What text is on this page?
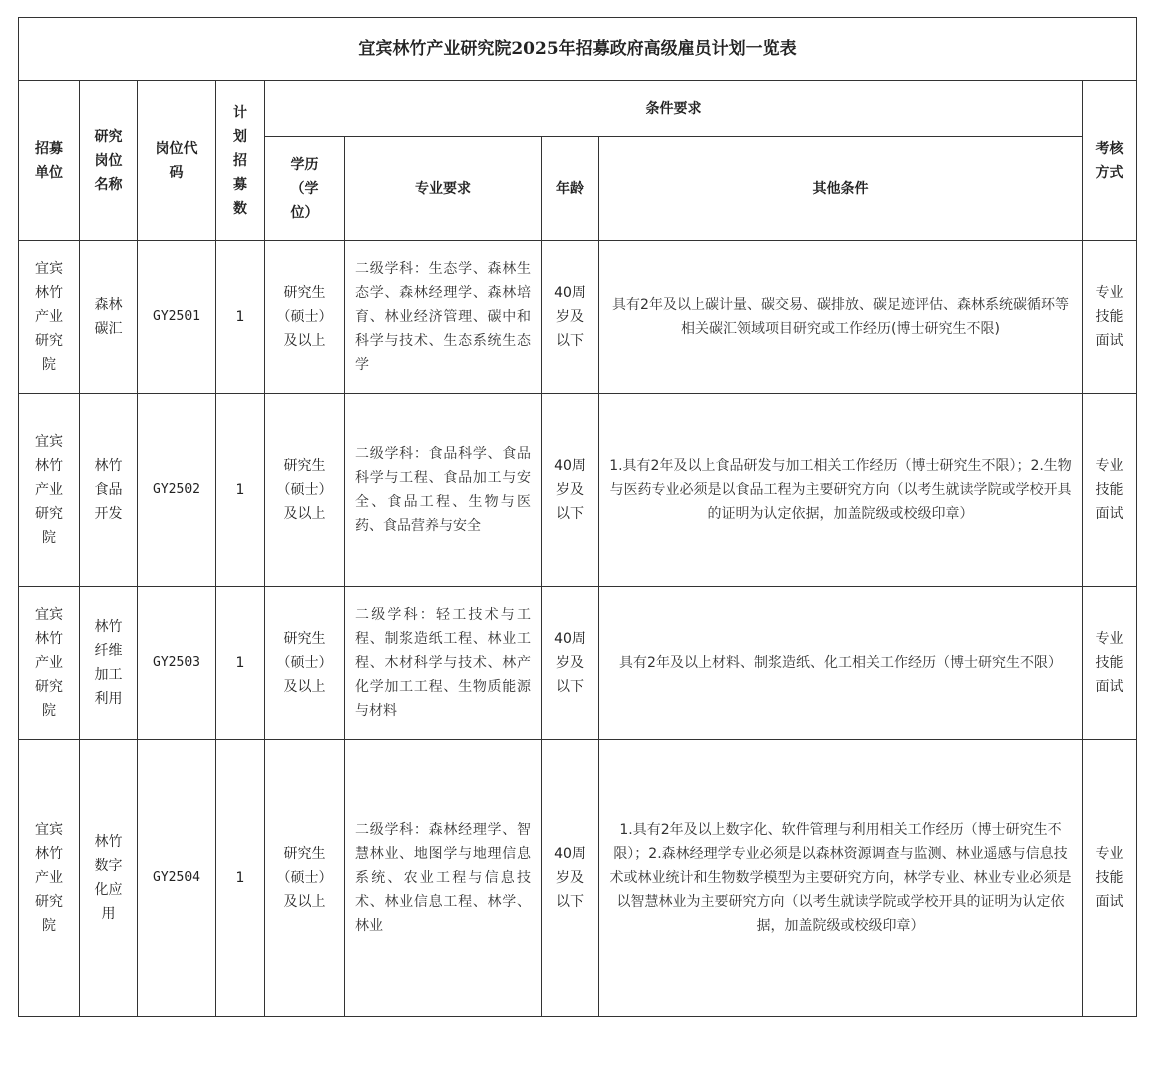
宜宾林竹产业研究院2025年招募政府高级雇员计划一览表								
招募单位	研究岗位名称	岗位代码	计划招募数	条件要求				考核方式
				学历（学位）	专业要求	年龄	其他条件	
宜宾林竹产业研究院	森林碳汇	GY2501	1	研究生（硕士）及以上	二级学科：生态学、森林生态学、森林经理学、森林培育、林业经济管理、碳中和科学与技术、生态系统生态学	40周岁及以下	具有2年及以上碳计量、碳交易、碳排放、碳足迹评估、森林系统碳循环等相关碳汇领域项目研究或工作经历(博士研究生不限)	专业技能面试
宜宾林竹产业研究院	林竹食品开发	GY2502	1	研究生（硕士）及以上	二级学科：食品科学、食品科学与工程、食品加工与安全、食品工程、生物与医药、食品营养与安全	40周岁及以下	1.具有2年及以上食品研发与加工相关工作经历（博士研究生不限）；2.生物与医药专业必须是以食品工程为主要研究方向（以考生就读学院或学校开具的证明为认定依据，加盖院级或校级印章）	专业技能面试
宜宾林竹产业研究院	林竹纤维加工利用	GY2503	1	研究生（硕士）及以上	二级学科：轻工技术与工程、制浆造纸工程、林业工程、木材科学与技术、林产化学加工工程、生物质能源与材料	40周岁及以下	具有2年及以上材料、制浆造纸、化工相关工作经历（博士研究生不限）	专业技能面试
宜宾林竹产业研究院	林竹数字化应用	GY2504	1	研究生（硕士）及以上	二级学科：森林经理学、智慧林业、地图学与地理信息系统、农业工程与信息技术、林业信息工程、林学、林业	40周岁及以下	1.具有2年及以上数字化、软件管理与利用相关工作经历（博士研究生不限）；2.森林经理学专业必须是以森林资源调查与监测、林业遥感与信息技术或林业统计和生物数学模型为主要研究方向，林学专业、林业专业必须是以智慧林业为主要研究方向（以考生就读学院或学校开具的证明为认定依据，加盖院级或校级印章）	专业技能面试
